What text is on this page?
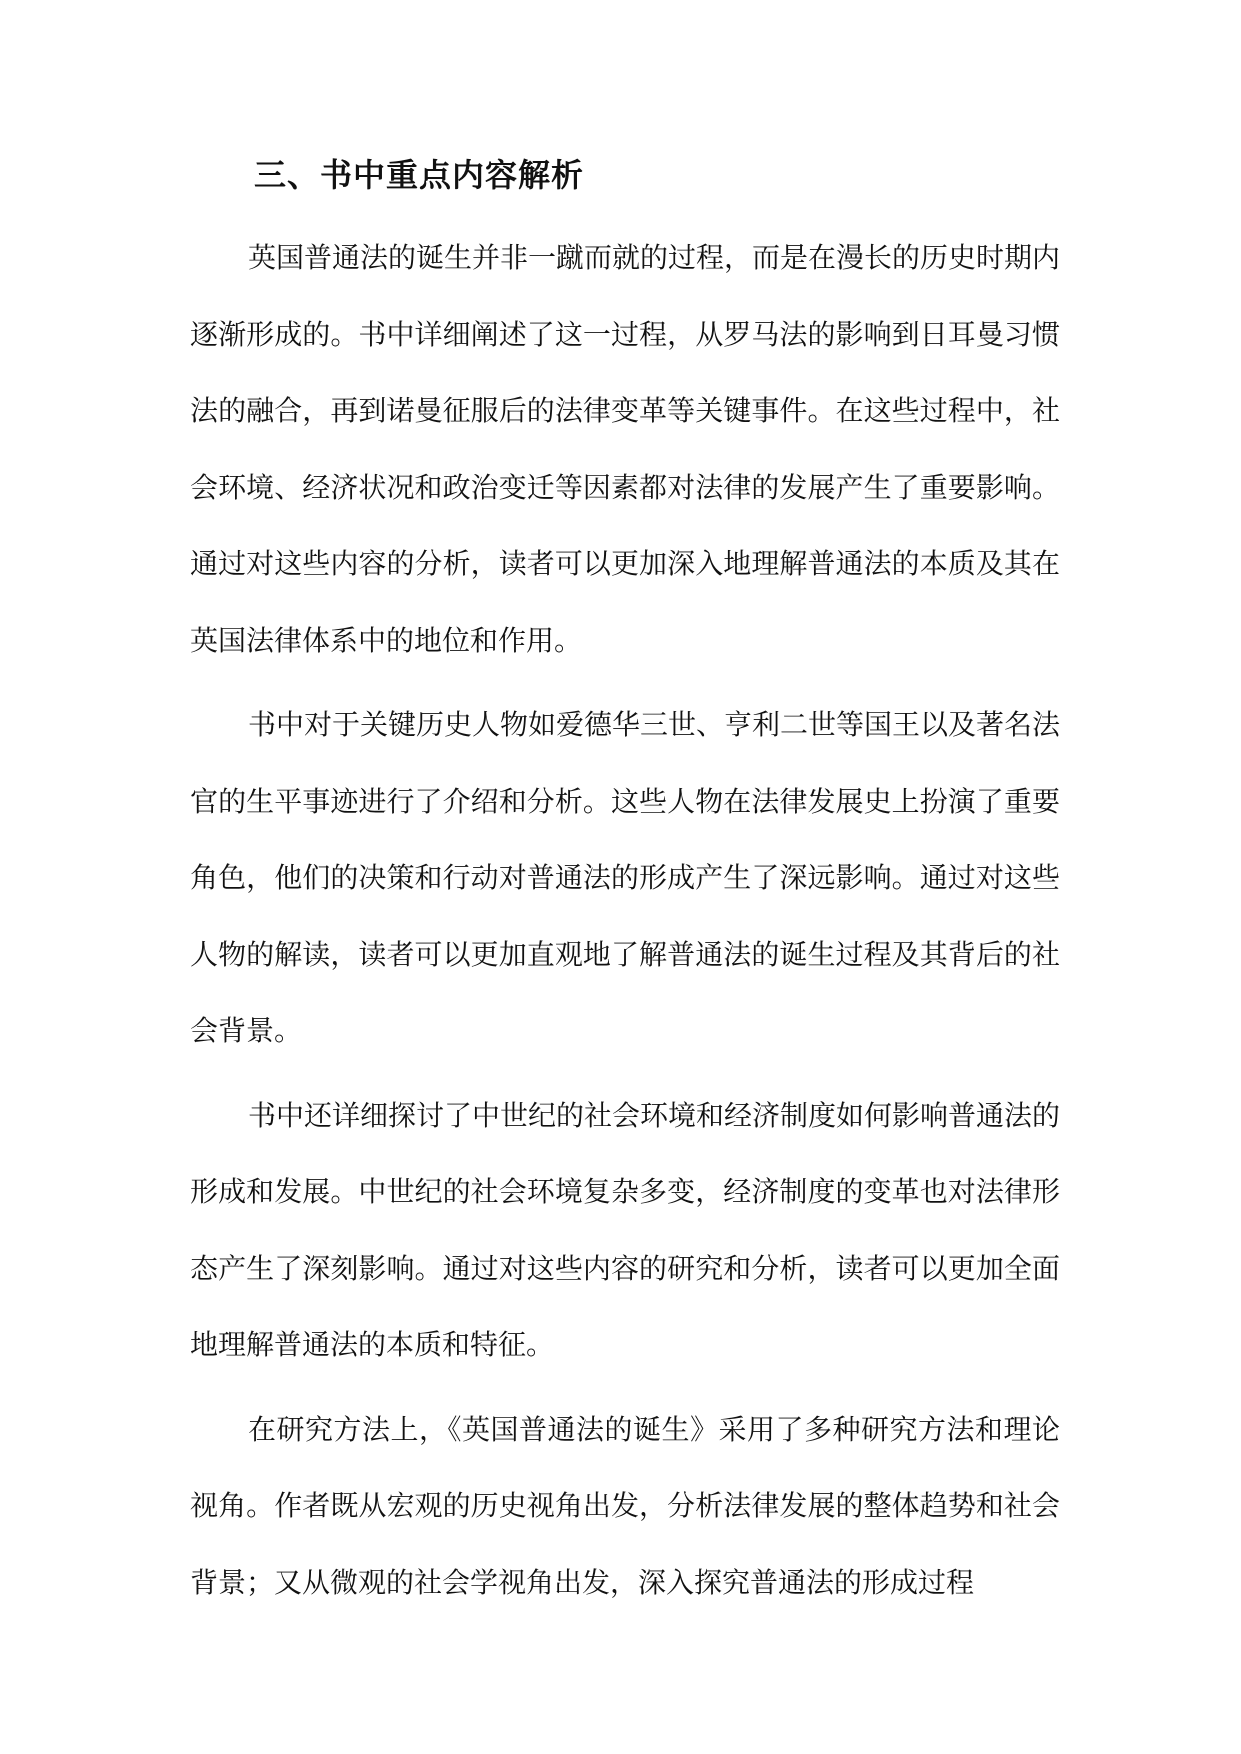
三、书中重点内容解析

英国普通法的诞生并非一蹴而就的过程，而是在漫长的历史时期内逐渐形成的。书中详细阐述了这一过程，从罗马法的影响到日耳曼习惯法的融合，再到诺曼征服后的法律变革等关键事件。在这些过程中，社会环境、经济状况和政治变迁等因素都对法律的发展产生了重要影响。通过对这些内容的分析，读者可以更加深入地理解普通法的本质及其在英国法律体系中的地位和作用。

书中对于关键历史人物如爱德华三世、亨利二世等国王以及著名法官的生平事迹进行了介绍和分析。这些人物在法律发展史上扮演了重要角色，他们的决策和行动对普通法的形成产生了深远影响。通过对这些人物的解读，读者可以更加直观地了解普通法的诞生过程及其背后的社会背景。

书中还详细探讨了中世纪的社会环境和经济制度如何影响普通法的形成和发展。中世纪的社会环境复杂多变，经济制度的变革也对法律形态产生了深刻影响。通过对这些内容的研究和分析，读者可以更加全面地理解普通法的本质和特征。

在研究方法上，《英国普通法的诞生》采用了多种研究方法和理论视角。作者既从宏观的历史视角出发，分析法律发展的整体趋势和社会背景；又从微观的社会学视角出发，深入探究普通法的形成过程
